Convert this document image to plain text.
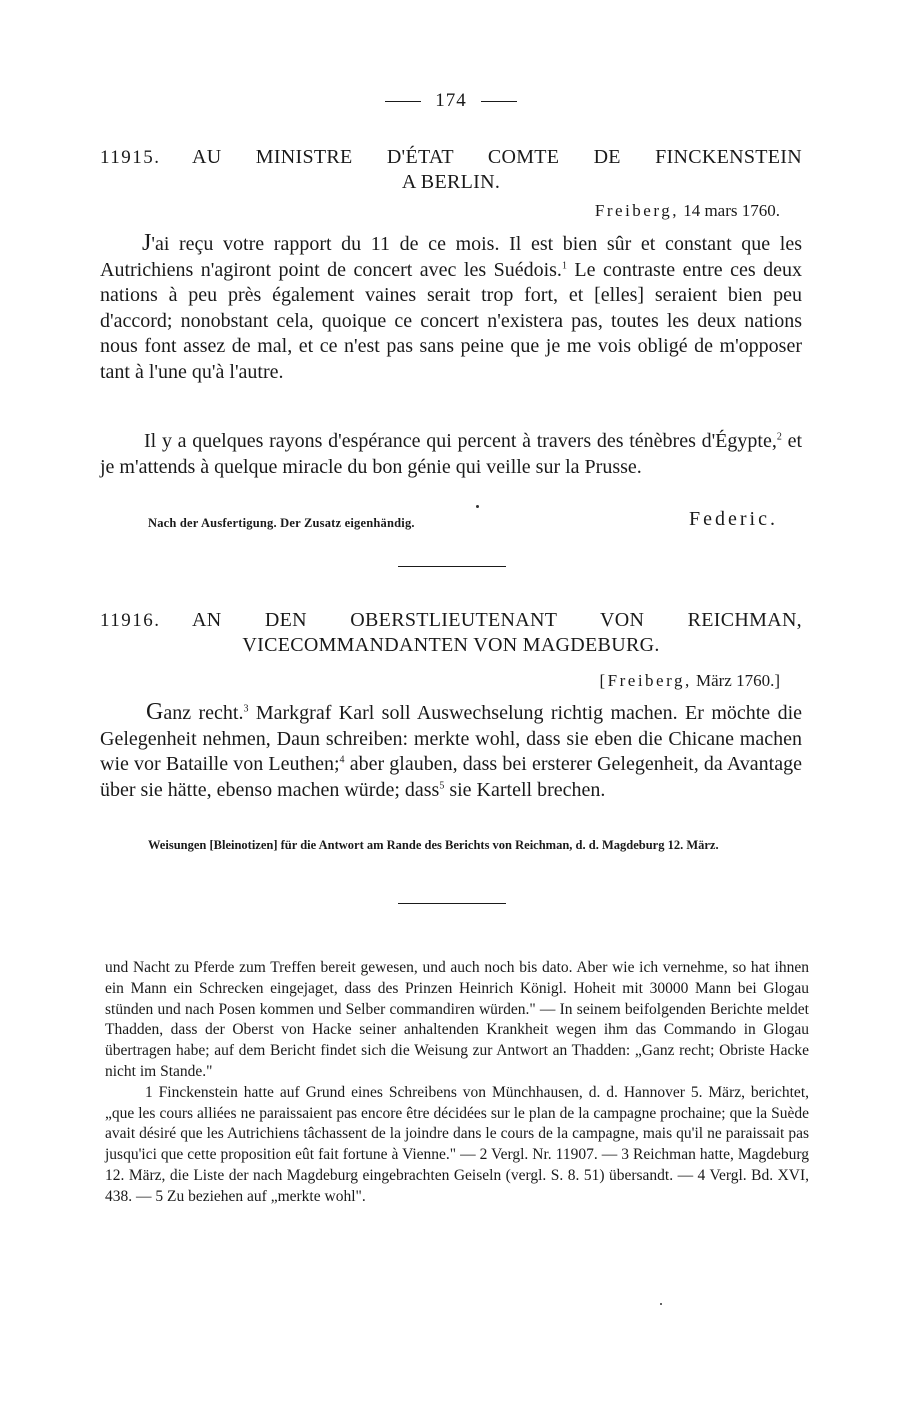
174
11915. AU MINISTRE D'ÉTAT COMTE DE FINCKENSTEIN
A BERLIN.
Freiberg, 14 mars 1760.
J'ai reçu votre rapport du 11 de ce mois. Il est bien sûr et constant que les Autrichiens n'agiront point de concert avec les Suédois.$^1$ Le contraste entre ces deux nations à peu près également vaines serait trop fort, et [elles] seraient bien peu d'accord; nonobstant cela, quoique ce concert n'existera pas, toutes les deux nations nous font assez de mal, et ce n'est pas sans peine que je me vois obligé de m'opposer tant à l'une qu'à l'autre.
Il y a quelques rayons d'espérance qui percent à travers des ténèbres d'Égypte,$^2$ et je m'attends à quelque miracle du bon génie qui veille sur la Prusse.
Nach der Ausfertigung. Der Zusatz eigenhändig.	Federic.
11916. AN DEN OBERSTLIEUTENANT VON REICHMAN,
VICECOMMANDANTEN VON MAGDEBURG.
[Freiberg, März 1760.]
Ganz recht.$^3$ Markgraf Karl soll Auswechselung richtig machen. Er möchte die Gelegenheit nehmen, Daun schreiben: merkte wohl, dass sie eben die Chicane machen wie vor Bataille von Leuthen;$^4$ aber glauben, dass bei ersterer Gelegenheit, da Avantage über sie hätte, ebenso machen würde; dass$^5$ sie Kartell brechen.
Weisungen [Bleinotizen] für die Antwort am Rande des Berichts von Reichman, d. d. Magdeburg 12. März.

und Nacht zu Pferde zum Treffen bereit gewesen, und auch noch bis dato. Aber wie ich vernehme, so hat ihnen ein Mann ein Schrecken eingejaget, dass des Prinzen Heinrich Königl. Hoheit mit 30000 Mann bei Glogau stünden und nach Posen kommen und Selber commandiren würden." — In seinem beifolgenden Berichte meldet Thadden, dass der Oberst von Hacke seiner anhaltenden Krankheit wegen ihm das Commando in Glogau übertragen habe; auf dem Bericht findet sich die Weisung zur Antwort an Thadden: „Ganz recht; Obriste Hacke nicht im Stande."

1 Finckenstein hatte auf Grund eines Schreibens von Münchhausen, d. d. Hannover 5. März, berichtet, „que les cours alliées ne paraissaient pas encore être décidées sur le plan de la campagne prochaine; que la Suède avait désiré que les Autrichiens tâchassent de la joindre dans le cours de la campagne, mais qu'il ne paraissait pas jusqu'ici que cette proposition eût fait fortune à Vienne." — 2 Vergl. Nr. 11907. — 3 Reichman hatte, Magdeburg 12. März, die Liste der nach Magdeburg eingebrachten Geiseln (vergl. S. 8. 51) übersandt. — 4 Vergl. Bd. XVI, 438. — 5 Zu beziehen auf „merkte wohl".
